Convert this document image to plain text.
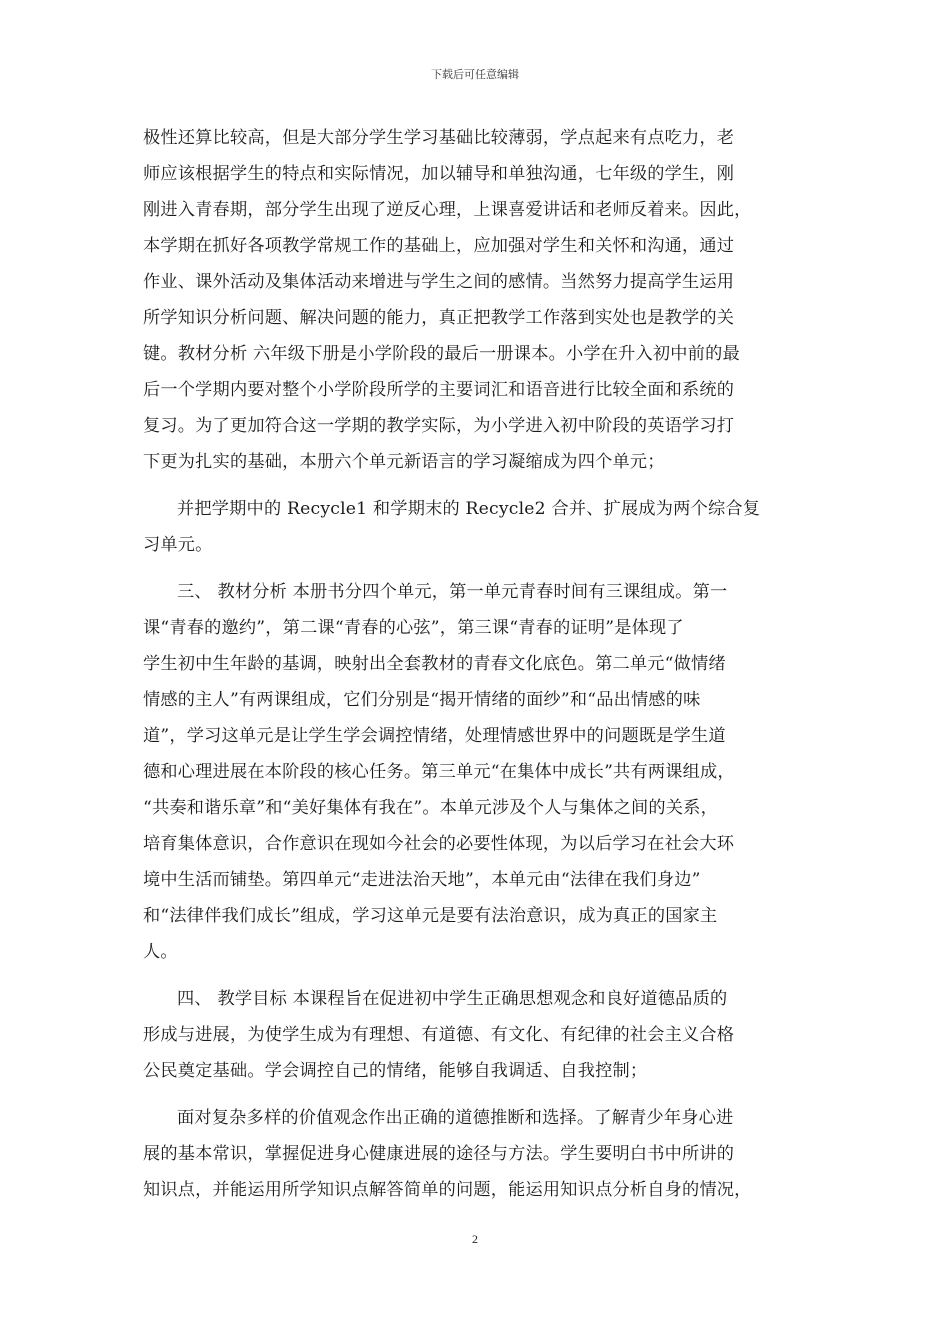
下载后可任意编辑
极性还算比较高，但是大部分学生学习基础比较薄弱，学点起来有点吃力，老
师应该根据学生的特点和实际情况，加以辅导和单独沟通，七年级的学生，刚
刚进入青春期，部分学生出现了逆反心理，上课喜爱讲话和老师反着来。因此，
本学期在抓好各项教学常规工作的基础上，应加强对学生和关怀和沟通，通过
作业、课外活动及集体活动来增进与学生之间的感情。当然努力提高学生运用
所学知识分析问题、解决问题的能力，真正把教学工作落到实处也是教学的关
键。教材分析 六年级下册是小学阶段的最后一册课本。小学在升入初中前的最
后一个学期内要对整个小学阶段所学的主要词汇和语音进行比较全面和系统的
复习。为了更加符合这一学期的教学实际，为小学进入初中阶段的英语学习打
下更为扎实的基础，本册六个单元新语言的学习凝缩成为四个单元；
并把学期中的 Recycle1 和学期末的 Recycle2 合并、扩展成为两个综合复
习单元。
三、 教材分析 本册书分四个单元，第一单元青春时间有三课组成。第一
课“青春的邀约”，第二课“青春的心弦”，第三课“青春的证明”是体现了
学生初中生年龄的基调，映射出全套教材的青春文化底色。第二单元“做情绪
情感的主人”有两课组成，它们分别是“揭开情绪的面纱”和“品出情感的味
道”，学习这单元是让学生学会调控情绪，处理情感世界中的问题既是学生道
德和心理进展在本阶段的核心任务。第三单元“在集体中成长”共有两课组成，
“共奏和谐乐章”和“美好集体有我在”。本单元涉及个人与集体之间的关系，
培育集体意识，合作意识在现如今社会的必要性体现，为以后学习在社会大环
境中生活而铺垫。第四单元“走进法治天地”，本单元由“法律在我们身边”
和“法律伴我们成长”组成，学习这单元是要有法治意识，成为真正的国家主
人。
四、 教学目标 本课程旨在促进初中学生正确思想观念和良好道德品质的
形成与进展，为使学生成为有理想、有道德、有文化、有纪律的社会主义合格
公民奠定基础。学会调控自己的情绪，能够自我调适、自我控制；
面对复杂多样的价值观念作出正确的道德推断和选择。了解青少年身心进
展的基本常识，掌握促进身心健康进展的途径与方法。学生要明白书中所讲的
知识点，并能运用所学知识点解答简单的问题，能运用知识点分析自身的情况，
2
